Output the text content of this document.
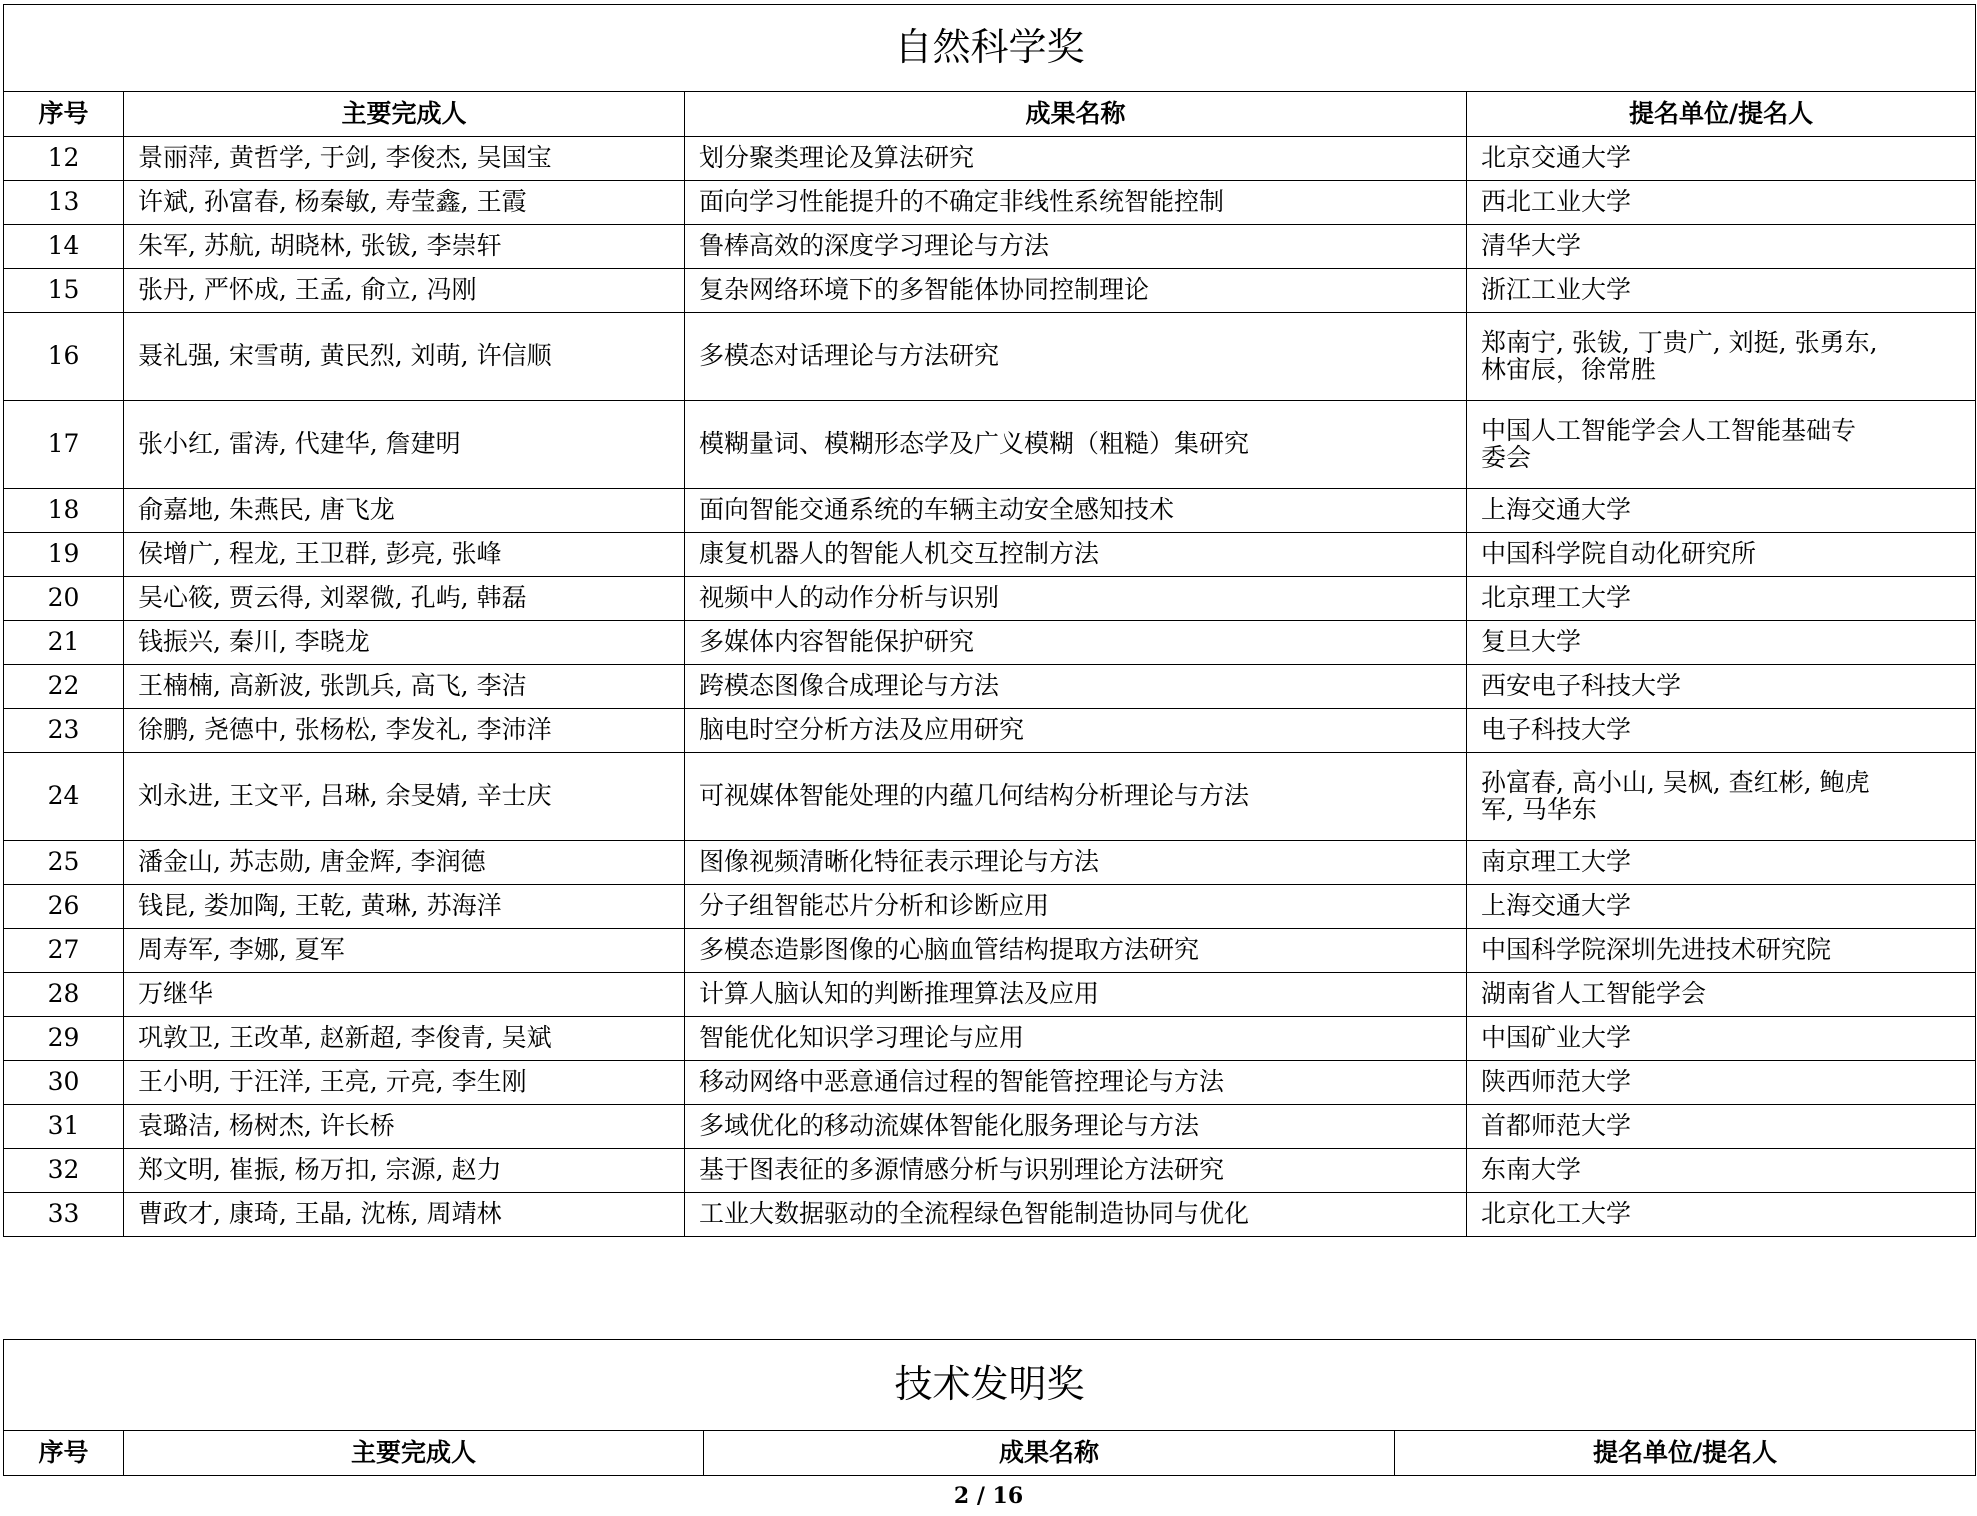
自然科学奖			
序号	主要完成人	成果名称	提名单位/提名人
12	景丽萍, 黄哲学, 于剑, 李俊杰, 吴国宝	划分聚类理论及算法研究	北京交通大学
13	许斌, 孙富春, 杨秦敏, 寿莹鑫, 王霞	面向学习性能提升的不确定非线性系统智能控制	西北工业大学
14	朱军, 苏航, 胡晓林, 张钹, 李崇轩	鲁棒高效的深度学习理论与方法	清华大学
15	张丹, 严怀成, 王孟, 俞立, 冯刚	复杂网络环境下的多智能体协同控制理论	浙江工业大学
16	聂礼强, 宋雪萌, 黄民烈, 刘萌, 许信顺	多模态对话理论与方法研究	郑南宁, 张钹, 丁贵广, 刘挺, 张勇东,
林宙辰，徐常胜

17	张小红, 雷涛, 代建华, 詹建明	模糊量词、模糊形态学及广义模糊（粗糙）集研究	中国人工智能学会人工智能基础专
委会

18	俞嘉地, 朱燕民, 唐飞龙	面向智能交通系统的车辆主动安全感知技术	上海交通大学
19	侯增广, 程龙, 王卫群, 彭亮, 张峰	康复机器人的智能人机交互控制方法	中国科学院自动化研究所
20	吴心筱, 贾云得, 刘翠微, 孔屿, 韩磊	视频中人的动作分析与识别	北京理工大学
21	钱振兴, 秦川, 李晓龙	多媒体内容智能保护研究	复旦大学
22	王楠楠, 高新波, 张凯兵, 高飞, 李洁	跨模态图像合成理论与方法	西安电子科技大学
23	徐鹏, 尧德中, 张杨松, 李发礼, 李沛洋	脑电时空分析方法及应用研究	电子科技大学
24	刘永进, 王文平, 吕琳, 余旻婧, 辛士庆	可视媒体智能处理的内蕴几何结构分析理论与方法	孙富春, 高小山, 吴枫, 查红彬, 鲍虎
军, 马华东

25	潘金山, 苏志勋, 唐金辉, 李润德	图像视频清晰化特征表示理论与方法	南京理工大学
26	钱昆, 娄加陶, 王乾, 黄琳, 苏海洋	分子组智能芯片分析和诊断应用	上海交通大学
27	周寿军, 李娜, 夏军	多模态造影图像的心脑血管结构提取方法研究	中国科学院深圳先进技术研究院
28	万继华	计算人脑认知的判断推理算法及应用	湖南省人工智能学会
29	巩敦卫, 王改革, 赵新超, 李俊青, 吴斌	智能优化知识学习理论与应用	中国矿业大学
30	王小明, 于汪洋, 王亮, 亓亮, 李生刚	移动网络中恶意通信过程的智能管控理论与方法	陕西师范大学
31	袁璐洁, 杨树杰, 许长桥	多域优化的移动流媒体智能化服务理论与方法	首都师范大学
32	郑文明, 崔振, 杨万扣, 宗源, 赵力	基于图表征的多源情感分析与识别理论方法研究	东南大学
33	曹政才, 康琦, 王晶, 沈栋, 周靖林	工业大数据驱动的全流程绿色智能制造协同与优化	北京化工大学
技术发明奖
序号	主要完成人	成果名称	提名单位/提名人
2 / 16
